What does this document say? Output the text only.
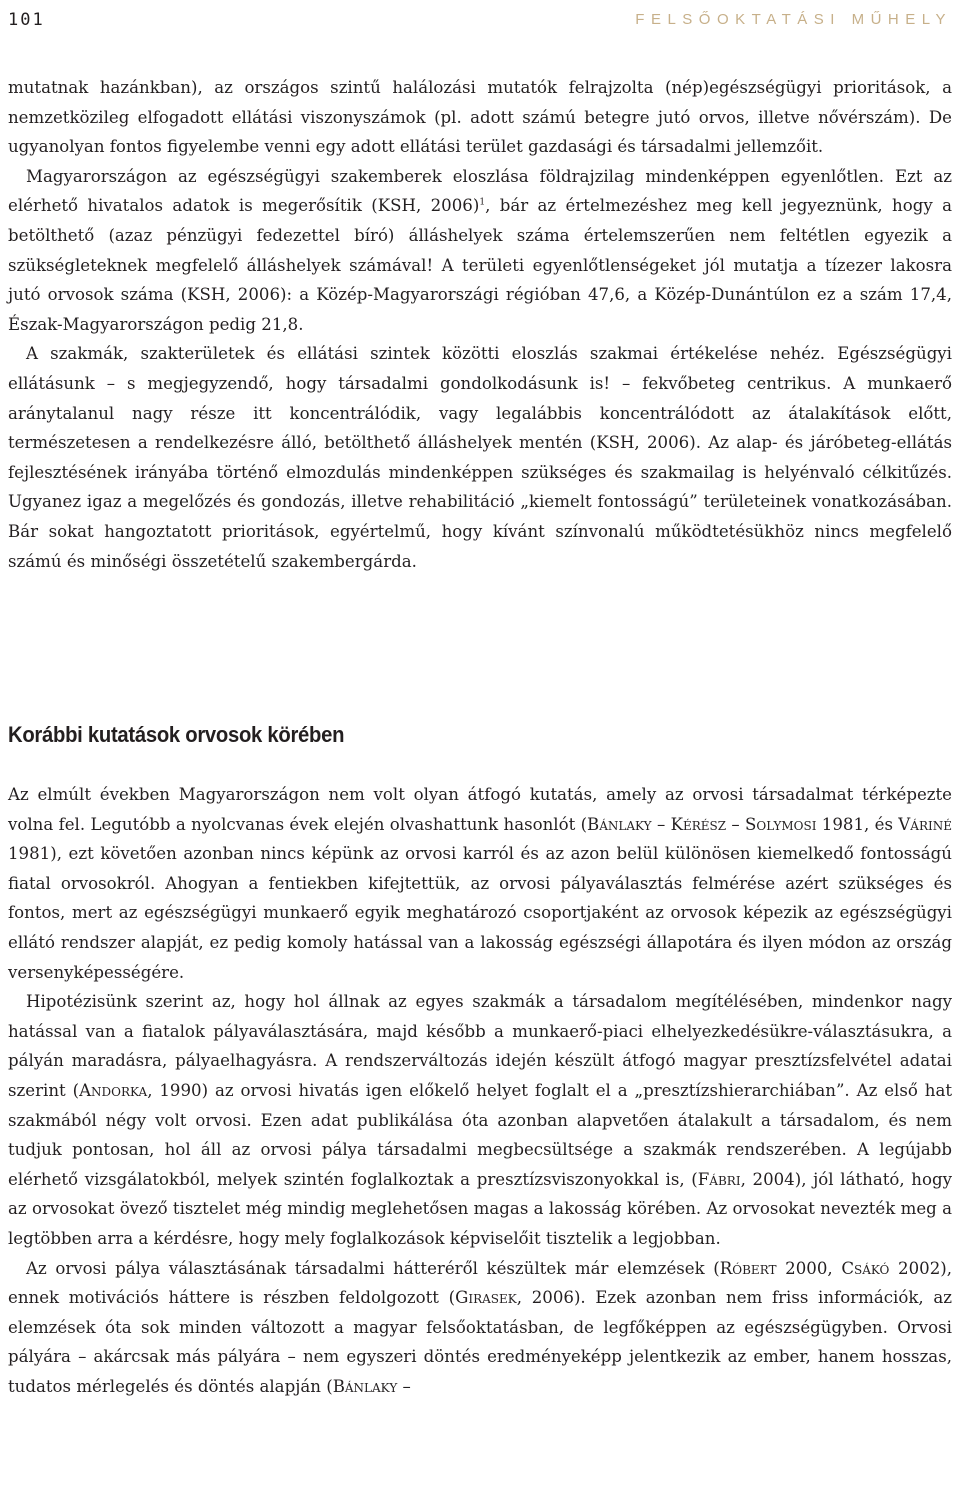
101	FELSŐOKTATÁSI MŰHELY

mutatnak hazánkban), az országos szintű halálozási mutatók felrajzolta (nép)egészségügyi prioritások, a nemzetközileg elfogadott ellátási viszonyszámok (pl. adott számú betegre jutó orvos, illetve nővérszám). De ugyanolyan fontos figyelembe venni egy adott ellátási terület gazdasági és társadalmi jellemzőit.

Magyarországon az egészségügyi szakemberek eloszlása földrajzilag mindenképpen egyenlőtlen. Ezt az elérhető hivatalos adatok is megerősítik (KSH, 2006)$^1$, bár az értelmezéshez meg kell jegyeznünk, hogy a betölthető (azaz pénzügyi fedezettel bíró) álláshelyek száma értelemszerűen nem feltétlen egyezik a szükségleteknek megfelelő álláshelyek számával! A területi egyenlőtlenségeket jól mutatja a tízezer lakosra jutó orvosok száma (KSH, 2006): a Közép-Magyarországi régióban 47,6, a Közép-Dunántúlon ez a szám 17,4, Észak-Magyarországon pedig 21,8.

A szakmák, szakterületek és ellátási szintek közötti eloszlás szakmai értékelése nehéz. Egészségügyi ellátásunk – s megjegyzendő, hogy társadalmi gondolkodásunk is! – fekvőbeteg centrikus. A munkaerő aránytalanul nagy része itt koncentrálódik, vagy legalábbis koncentrálódott az átalakítások előtt, természetesen a rendelkezésre álló, betölthető álláshelyek mentén (KSH, 2006). Az alap- és járóbeteg-ellátás fejlesztésének irányába történő elmozdulás mindenképpen szükséges és szakmailag is helyénvaló célkitűzés. Ugyanez igaz a megelőzés és gondozás, illetve rehabilitáció „kiemelt fontosságú” területeinek vonatkozásában. Bár sokat hangoztatott prioritások, egyértelmű, hogy kívánt színvonalú működtetésükhöz nincs megfelelő számú és minőségi összetételű szakembergárda.

Korábbi kutatások orvosok körében

Az elmúlt években Magyarországon nem volt olyan átfogó kutatás, amely az orvosi társadalmat térképezte volna fel. Legutóbb a nyolcvanas évek elején olvashattunk hasonlót (Bánlaky – Kérész – Solymosi 1981, és Váriné 1981), ezt követően azonban nincs képünk az orvosi karról és az azon belül különösen kiemelkedő fontosságú fiatal orvosokról. Ahogyan a fentiekben kifejtettük, az orvosi pályaválasztás felmérése azért szükséges és fontos, mert az egészségügyi munkaerő egyik meghatározó csoportjaként az orvosok képezik az egészségügyi ellátó rendszer alapját, ez pedig komoly hatással van a lakosság egészségi állapotára és ilyen módon az ország versenyképességére.

Hipotézisünk szerint az, hogy hol állnak az egyes szakmák a társadalom megítélésében, mindenkor nagy hatással van a fiatalok pályaválasztására, majd később a munkaerő-piaci elhelyezkedésükre-választásukra, a pályán maradásra, pályaelhagyásra. A rendszerváltozás idején készült átfogó magyar presztízsfelvétel adatai szerint (Andorka, 1990) az orvosi hivatás igen előkelő helyet foglalt el a „presztízshierarchiában”. Az első hat szakmából négy volt orvosi. Ezen adat publikálása óta azonban alapvetően átalakult a társadalom, és nem tudjuk pontosan, hol áll az orvosi pálya társadalmi megbecsültsége a szakmák rendszerében. A legújabb elérhető vizsgálatokból, melyek szintén foglalkoztak a presztízsviszonyokkal is, (Fábri, 2004), jól látható, hogy az orvosokat övező tisztelet még mindig meglehetősen magas a lakosság körében. Az orvosokat nevezték meg a legtöbben arra a kérdésre, hogy mely foglalkozások képviselőit tisztelik a legjobban.

Az orvosi pálya választásának társadalmi hátteréről készültek már elemzések (Róbert 2000, Csákó 2002), ennek motivációs háttere is részben feldolgozott (Girasek, 2006). Ezek azonban nem friss információk, az elemzések óta sok minden változott a magyar felsőoktatásban, de legfőképpen az egészségügyben. Orvosi pályára – akárcsak más pályára – nem egyszeri döntés eredményeképp jelentkezik az ember, hanem hosszas, tudatos mérlegelés és döntés alapján (Bánlaky –
